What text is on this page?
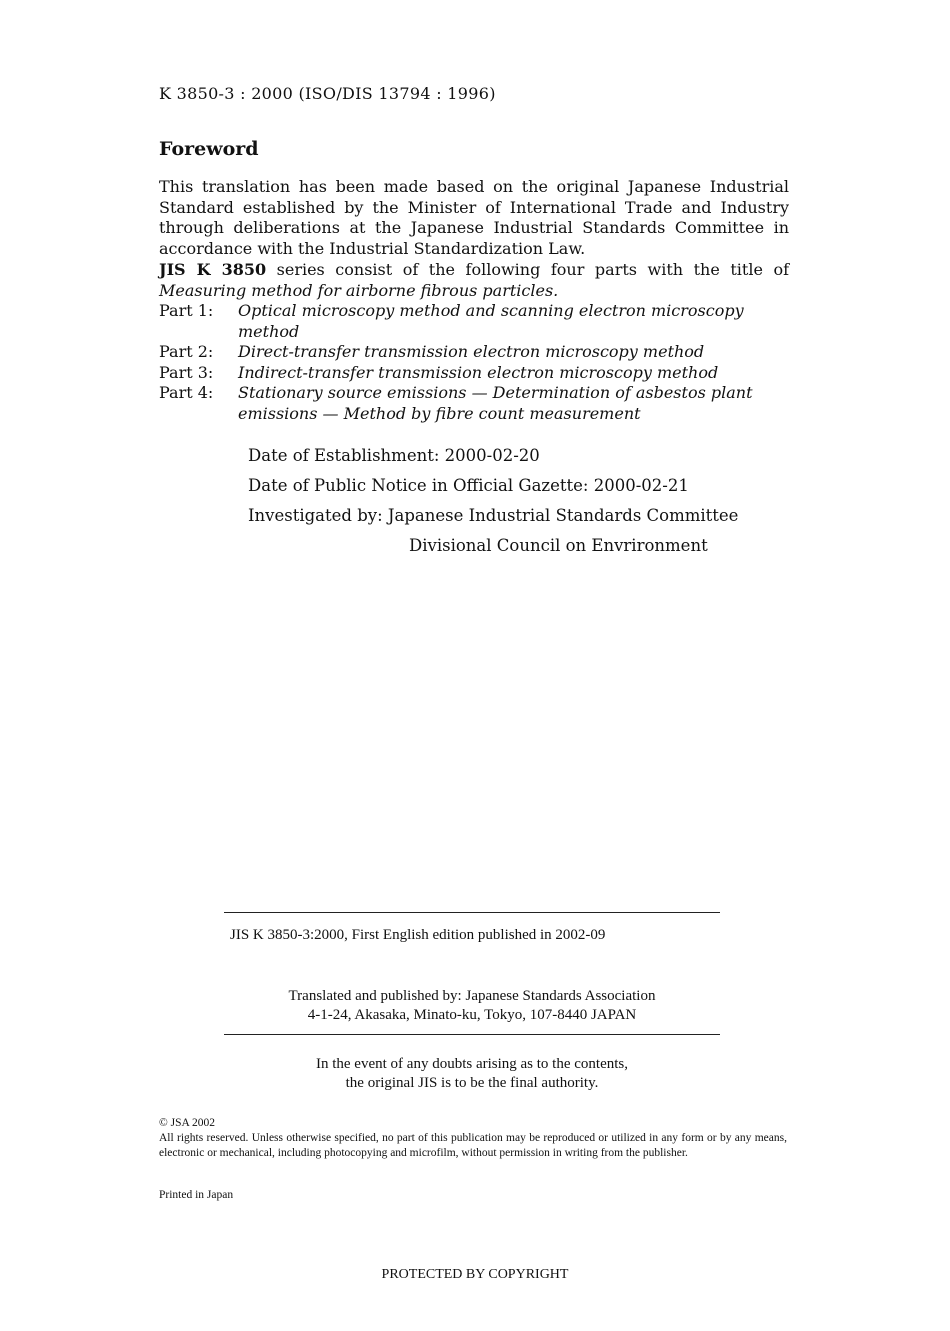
K 3850-3 : 2000 (ISO/DIS 13794 : 1996)
Foreword
This translation has been made based on the original Japanese Industrial Standard established by the Minister of International Trade and Industry through deliberations at the Japanese Industrial Standards Committee in accordance with the Industrial Standardization Law.
JIS K 3850 series consist of the following four parts with the title of Measuring method for airborne fibrous particles.
Part 1:	Optical microscopy method and scanning electron microscopy method
Part 2:	Direct-transfer transmission electron microscopy method
Part 3:	Indirect-transfer transmission electron microscopy method
Part 4:	Stationary source emissions — Determination of asbestos plant emissions — Method by fibre count measurement
Date of Establishment: 2000-02-20
Date of Public Notice in Official Gazette: 2000-02-21
Investigated by: Japanese Industrial Standards Committee
Divisional Council on Envrironment
JIS K 3850-3:2000, First English edition published in 2002-09
Translated and published by: Japanese Standards Association
4-1-24, Akasaka, Minato-ku, Tokyo, 107-8440 JAPAN
In the event of any doubts arising as to the contents,
the original JIS is to be the final authority.
© JSA 2002
All rights reserved. Unless otherwise specified, no part of this publication may be reproduced or utilized in any form or by any means, electronic or mechanical, including photocopying and microfilm, without permission in writing from the publisher.
Printed in Japan
PROTECTED BY COPYRIGHT
